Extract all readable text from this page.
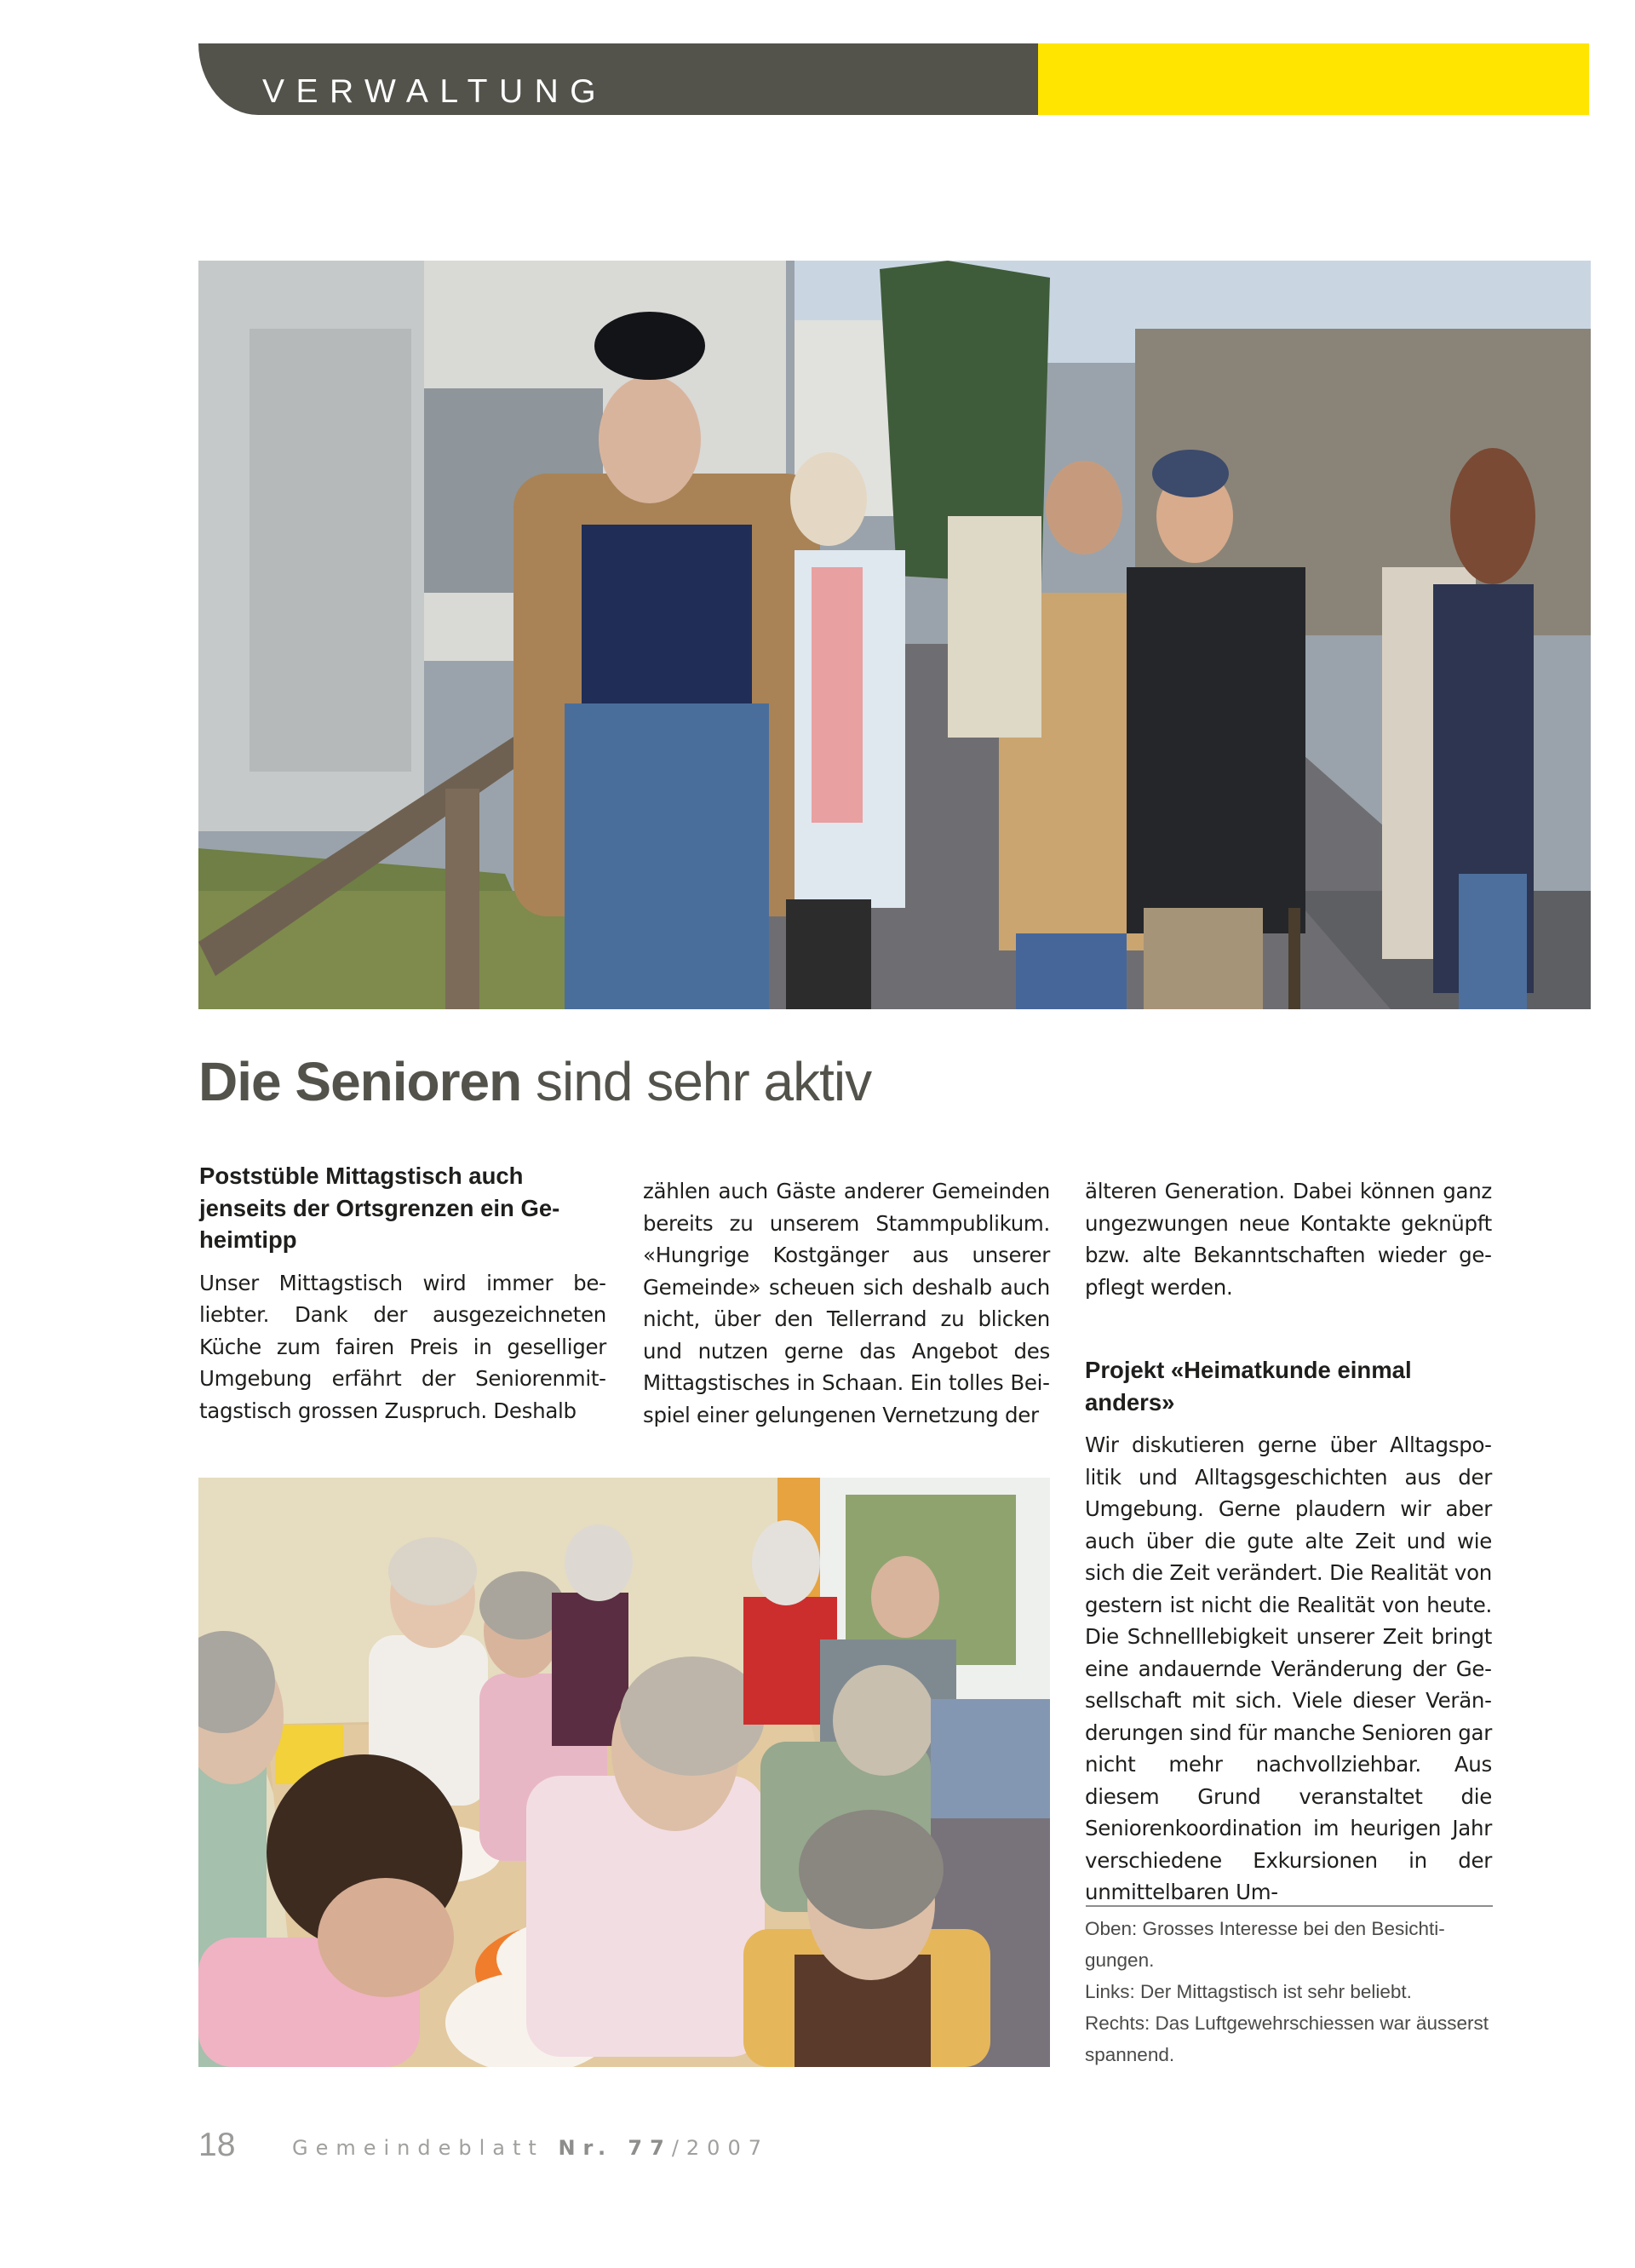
VERWALTUNG
Die Senioren sind sehr aktiv
Poststüble Mittagstisch auch jenseits der Ortsgrenzen ein Geheimtipp

Unser Mittagstisch wird immer beliebter. Dank der ausgezeichneten Küche zum fairen Preis in geselliger Umgebung erfährt der Seniorenmittagstisch grossen Zuspruch. Deshalb

zählen auch Gäste anderer Gemeinden bereits zu unserem Stammpublikum. «Hungrige Kostgänger aus unserer Gemeinde» scheuen sich deshalb auch nicht, über den Tellerrand zu blicken und nutzen gerne das Angebot des Mittagstisches in Schaan. Ein tolles Beispiel einer gelungenen Vernetzung der

älteren Generation. Dabei können ganz ungezwungen neue Kontakte geknüpft bzw. alte Bekanntschaften wieder gepflegt werden.

Projekt «Heimatkunde einmal anders»

Wir diskutieren gerne über Alltagspolitik und Alltagsgeschichten aus der Umgebung. Gerne plaudern wir aber auch über die gute alte Zeit und wie sich die Zeit verändert. Die Realität von gestern ist nicht die Realität von heute. Die Schnelllebigkeit unserer Zeit bringt eine andauernde Veränderung der Gesellschaft mit sich. Viele dieser Veränderungen sind für manche Senioren gar nicht mehr nachvollziehbar. Aus diesem Grund veranstaltet die Seniorenkoordination im heurigen Jahr verschiedene Exkursionen in der unmittelbaren Um-

Oben: Grosses Interesse bei den Besichtigungen.

Links: Der Mittagstisch ist sehr beliebt.

Rechts: Das Luftgewehrschiessen war äusserst spannend.

18	Gemeindeblatt Nr. 77/2007
